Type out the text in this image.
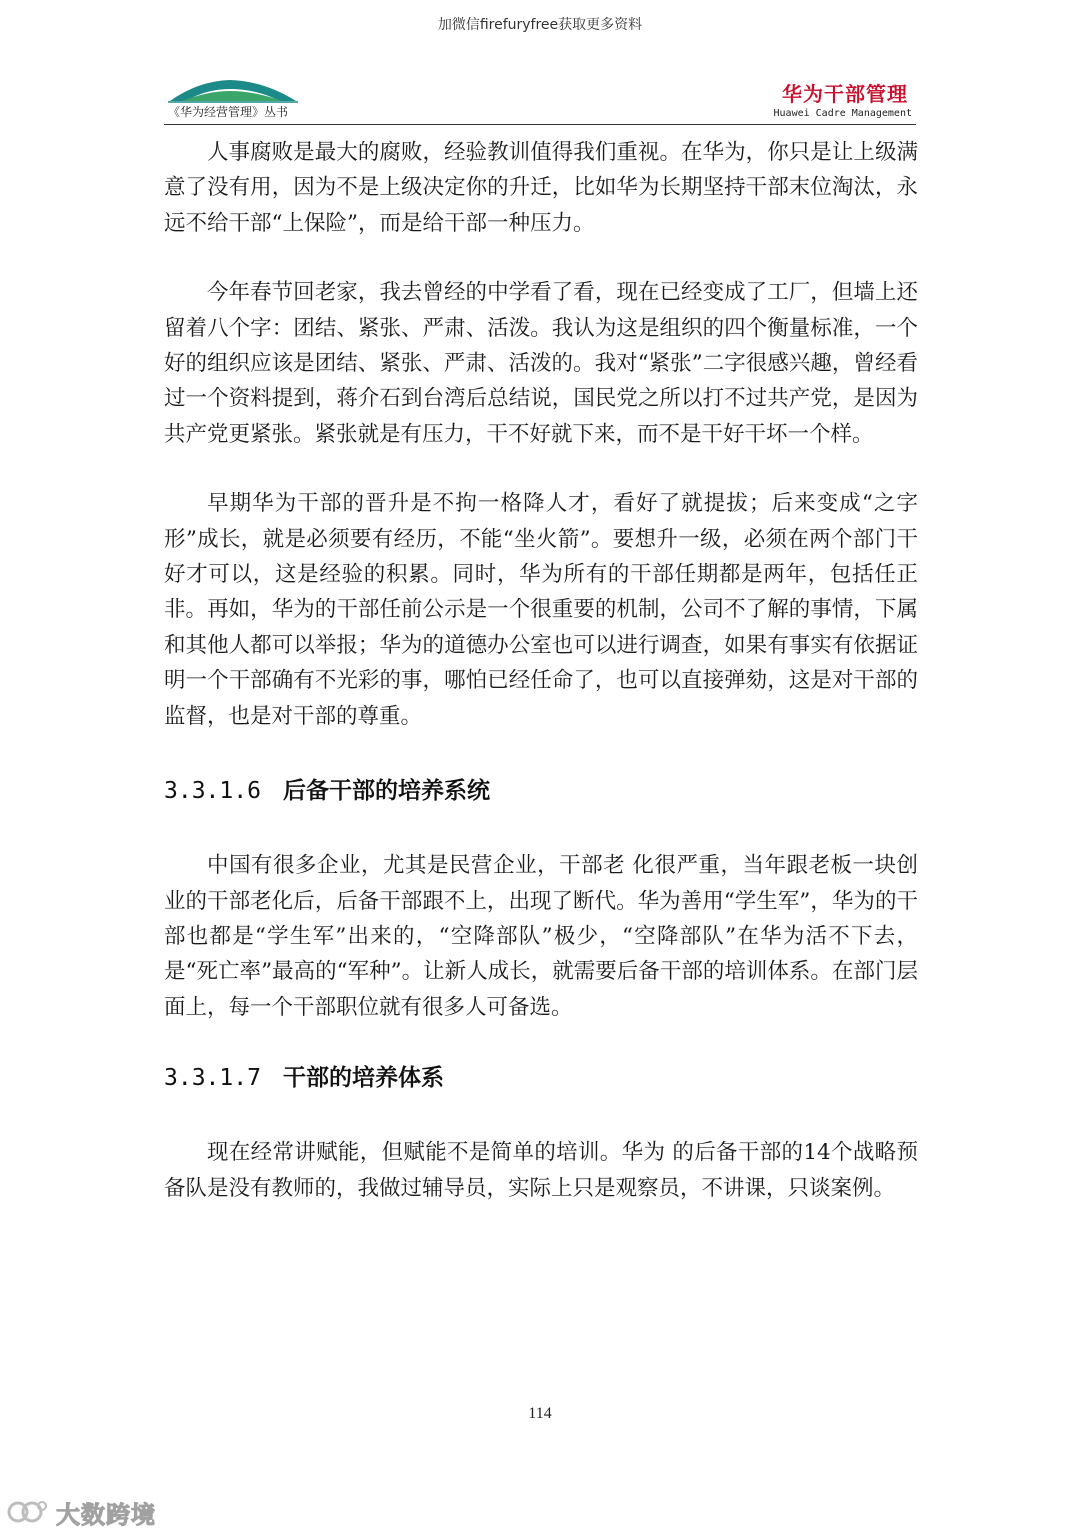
加微信firefuryfree获取更多资料
《华为经营管理》丛书
华为干部管理
Huawei Cadre Management

人事腐败是最大的腐败，经验教训值得我们重视。在华为，你只是让上级满意了没有用，因为不是上级决定你的升迁，比如华为长期坚持干部末位淘汰，永远不给干部“上保险”，而是给干部一种压力。

今年春节回老家，我去曾经的中学看了看，现在已经变成了工厂，但墙上还留着八个字：团结、紧张、严肃、活泼。我认为这是组织的四个衡量标准，一个好的组织应该是团结、紧张、严肃、活泼的。我对“紧张”二字很感兴趣，曾经看过一个资料提到，蒋介石到台湾后总结说，国民党之所以打不过共产党，是因为共产党更紧张。紧张就是有压力，干不好就下来，而不是干好干坏一个样。

早期华为干部的晋升是不拘一格降人才，看好了就提拔；后来变成“之字 形”成长，就是必须要有经历，不能“坐火箭”。要想升一级，必须在两个部门干好才可以，这是经验的积累。同时，华为所有的干部任期都是两年，包括任正非。再如，华为的干部任前公示是一个很重要的机制，公司不了解的事情，下属和其他人都可以举报；华为的道德办公室也可以进行调查，如果有事实有依据证明一个干部确有不光彩的事，哪怕已经任命了，也可以直接弹劾，这是对干部的监督，也是对干部的尊重。

3.3.1.6 后备干部的培养系统

中国有很多企业，尤其是民营企业，干部老 化很严重，当年跟老板一块创业的干部老化后，后备干部跟不上，出现了断代。华为善用“学生军”，华为的干部也都是“学生军”出来的，“空降部队”极少，“空降部队”在华为活不下去，是“死亡率”最高的“军种”。让新人成长，就需要后备干部的培训体系。在部门层面上，每一个干部职位就有很多人可备选。

3.3.1.7 干部的培养体系

现在经常讲赋能，但赋能不是简单的培训。华为 的后备干部的14个战略预备队是没有教师的，我做过辅导员，实际上只是观察员，不讲课，只谈案例。

114
大数跨境
